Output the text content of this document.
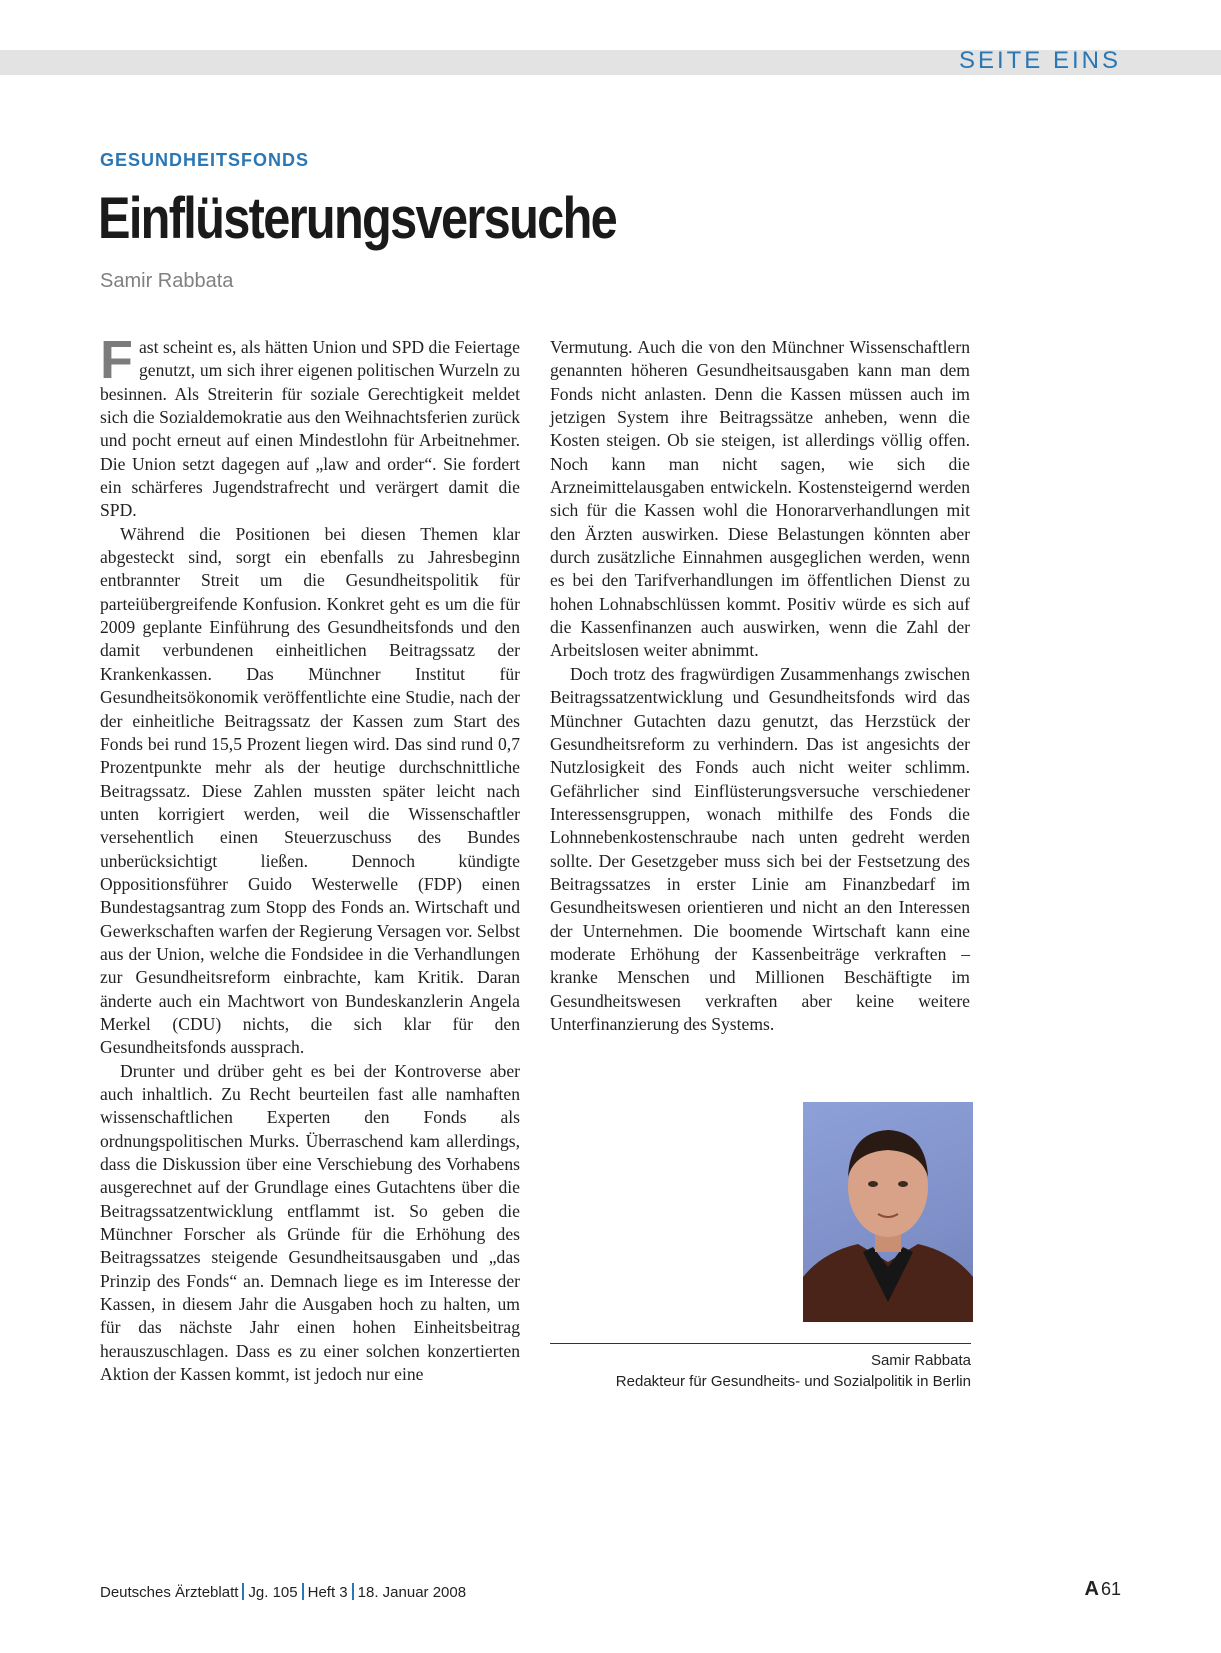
SEITE EINS
GESUNDHEITSFONDS
Einflüsterungsversuche
Samir Rabbata

Fast scheint es, als hätten Union und SPD die Feiertage genutzt, um sich ihrer eigenen politischen Wurzeln zu besinnen. Als Streiterin für soziale Gerechtigkeit meldet sich die Sozialdemokratie aus den Weihnachtsferien zurück und pocht erneut auf einen Mindestlohn für Arbeitnehmer. Die Union setzt dagegen auf „law and order“. Sie fordert ein schärferes Jugendstrafrecht und verärgert damit die SPD.

Während die Positionen bei diesen Themen klar abgesteckt sind, sorgt ein ebenfalls zu Jahresbeginn entbrannter Streit um die Gesundheitspolitik für parteiübergreifende Konfusion. Konkret geht es um die für 2009 geplante Einführung des Gesundheitsfonds und den damit verbundenen einheitlichen Beitragssatz der Krankenkassen. Das Münchner Institut für Gesundheitsökonomik veröffentlichte eine Studie, nach der der einheitliche Beitragssatz der Kassen zum Start des Fonds bei rund 15,5 Prozent liegen wird. Das sind rund 0,7 Prozentpunkte mehr als der heutige durchschnittliche Beitragssatz. Diese Zahlen mussten später leicht nach unten korrigiert werden, weil die Wissenschaftler versehentlich einen Steuerzuschuss des Bundes unberücksichtigt ließen. Dennoch kündigte Oppositionsführer Guido Westerwelle (FDP) einen Bundestagsantrag zum Stopp des Fonds an. Wirtschaft und Gewerkschaften warfen der Regierung Versagen vor. Selbst aus der Union, welche die Fondsidee in die Verhandlungen zur Gesundheitsreform einbrachte, kam Kritik. Daran änderte auch ein Machtwort von Bundeskanzlerin Angela Merkel (CDU) nichts, die sich klar für den Gesundheitsfonds aussprach.

Drunter und drüber geht es bei der Kontroverse aber auch inhaltlich. Zu Recht beurteilen fast alle namhaften wissenschaftlichen Experten den Fonds als ordnungspolitischen Murks. Überraschend kam allerdings, dass die Diskussion über eine Verschiebung des Vorhabens ausgerechnet auf der Grundlage eines Gutachtens über die Beitragssatzentwicklung entflammt ist. So geben die Münchner Forscher als Gründe für die Erhöhung des Beitragssatzes steigende Gesundheitsausgaben und „das Prinzip des Fonds“ an. Demnach liege es im Interesse der Kassen, in diesem Jahr die Ausgaben hoch zu halten, um für das nächste Jahr einen hohen Einheitsbeitrag herauszuschlagen. Dass es zu einer solchen konzertierten Aktion der Kassen kommt, ist jedoch nur eine

Vermutung. Auch die von den Münchner Wissenschaftlern genannten höheren Gesundheitsausgaben kann man dem Fonds nicht anlasten. Denn die Kassen müssen auch im jetzigen System ihre Beitragssätze anheben, wenn die Kosten steigen. Ob sie steigen, ist allerdings völlig offen. Noch kann man nicht sagen, wie sich die Arzneimittelausgaben entwickeln. Kostensteigernd werden sich für die Kassen wohl die Honorarverhandlungen mit den Ärzten auswirken. Diese Belastungen könnten aber durch zusätzliche Einnahmen ausgeglichen werden, wenn es bei den Tarifverhandlungen im öffentlichen Dienst zu hohen Lohnabschlüssen kommt. Positiv würde es sich auf die Kassenfinanzen auch auswirken, wenn die Zahl der Arbeitslosen weiter abnimmt.

Doch trotz des fragwürdigen Zusammenhangs zwischen Beitragssatzentwicklung und Gesundheitsfonds wird das Münchner Gutachten dazu genutzt, das Herzstück der Gesundheitsreform zu verhindern. Das ist angesichts der Nutzlosigkeit des Fonds auch nicht weiter schlimm. Gefährlicher sind Einflüsterungsversuche verschiedener Interessensgruppen, wonach mithilfe des Fonds die Lohnnebenkostenschraube nach unten gedreht werden sollte. Der Gesetzgeber muss sich bei der Festsetzung des Beitragssatzes in erster Linie am Finanzbedarf im Gesundheitswesen orientieren und nicht an den Interessen der Unternehmen. Die boomende Wirtschaft kann eine moderate Erhöhung der Kassenbeiträge verkraften – kranke Menschen und Millionen Beschäftigte im Gesundheitswesen verkraften aber keine weitere Unterfinanzierung des Systems.

Samir Rabbata
Redakteur für Gesundheits- und Sozialpolitik in Berlin
Deutsches Ärzteblatt Jg. 105 Heft 3 18. Januar 2008	A 61
